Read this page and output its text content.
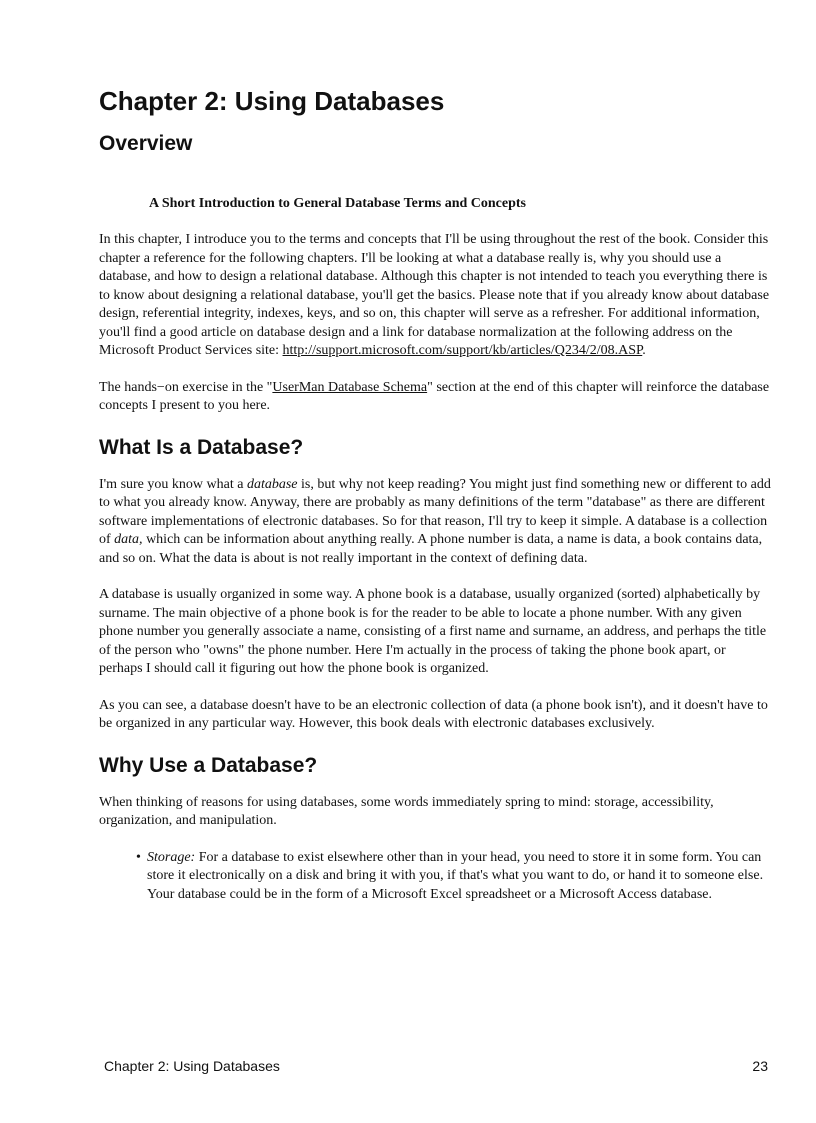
Chapter 2: Using Databases
Overview
A Short Introduction to General Database Terms and Concepts

In this chapter, I introduce you to the terms and concepts that I'll be using throughout the rest of the book. Consider this chapter a reference for the following chapters. I'll be looking at what a database really is, why you should use a database, and how to design a relational database. Although this chapter is not intended to teach you everything there is to know about designing a relational database, you'll get the basics. Please note that if you already know about database design, referential integrity, indexes, keys, and so on, this chapter will serve as a refresher. For additional information, you'll find a good article on database design and a link for database normalization at the following address on the Microsoft Product Services site: http://support.microsoft.com/support/kb/articles/Q234/2/08.ASP.

The hands−on exercise in the "UserMan Database Schema" section at the end of this chapter will reinforce the database concepts I present to you here.

What Is a Database?

I'm sure you know what a database is, but why not keep reading? You might just find something new or different to add to what you already know. Anyway, there are probably as many definitions of the term "database" as there are different software implementations of electronic databases. So for that reason, I'll try to keep it simple. A database is a collection of data, which can be information about anything really. A phone number is data, a name is data, a book contains data, and so on. What the data is about is not really important in the context of defining data.

A database is usually organized in some way. A phone book is a database, usually organized (sorted) alphabetically by surname. The main objective of a phone book is for the reader to be able to locate a phone number. With any given phone number you generally associate a name, consisting of a first name and surname, an address, and perhaps the title of the person who "owns" the phone number. Here I'm actually in the process of taking the phone book apart, or perhaps I should call it figuring out how the phone book is organized.

As you can see, a database doesn't have to be an electronic collection of data (a phone book isn't), and it doesn't have to be organized in any particular way. However, this book deals with electronic databases exclusively.

Why Use a Database?

When thinking of reasons for using databases, some words immediately spring to mind: storage, accessibility, organization, and manipulation.

• Storage: For a database to exist elsewhere other than in your head, you need to store it in some form. You can store it electronically on a disk and bring it with you, if that's what you want to do, or hand it to someone else. Your database could be in the form of a Microsoft Excel spreadsheet or a Microsoft Access database.
Chapter 2: Using Databases	23
